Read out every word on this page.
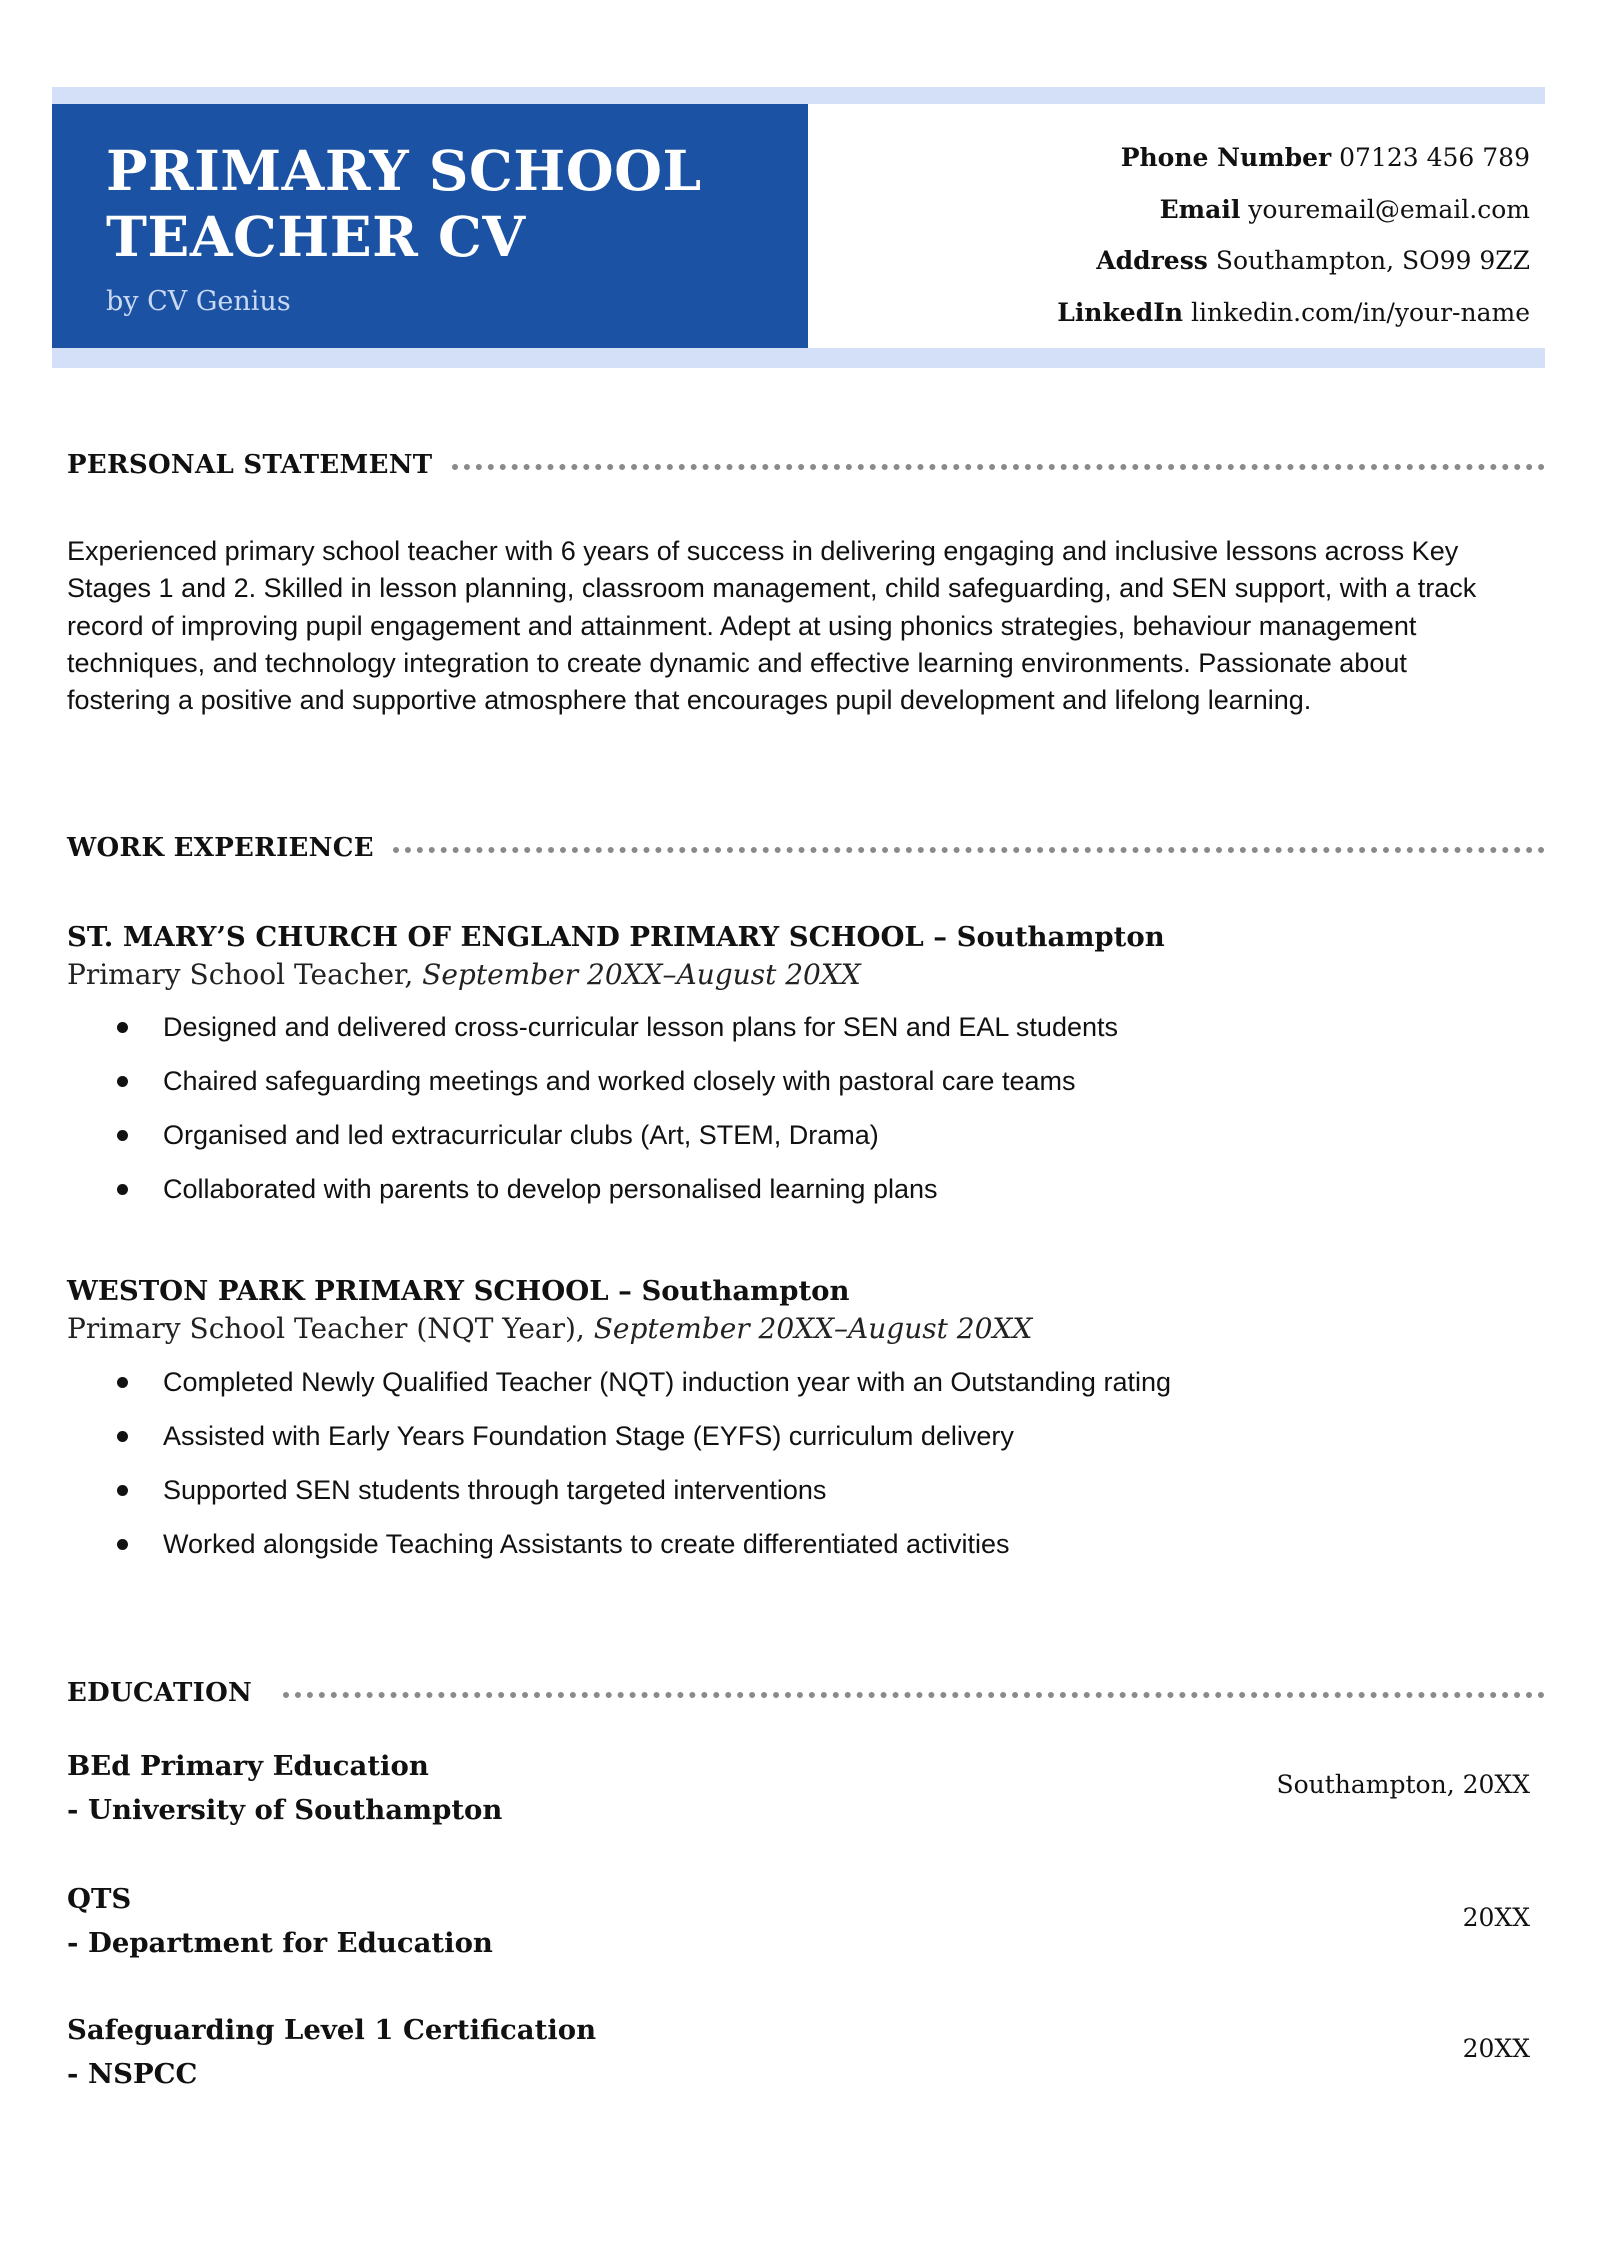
PRIMARY SCHOOL
TEACHER CV
by CV Genius
Phone Number 07123 456 789
Email youremail@email.com
Address Southampton, SO99 9ZZ
LinkedIn linkedin.com/in/your-name
PERSONAL STATEMENT
Experienced primary school teacher with 6 years of success in delivering engaging and inclusive lessons across Key Stages 1 and 2. Skilled in lesson planning, classroom management, child safeguarding, and SEN support, with a track record of improving pupil engagement and attainment. Adept at using phonics strategies, behaviour management techniques, and technology integration to create dynamic and effective learning environments. Passionate about fostering a positive and supportive atmosphere that encourages pupil development and lifelong learning.
WORK EXPERIENCE
ST. MARY’S CHURCH OF ENGLAND PRIMARY SCHOOL – Southampton
Primary School Teacher, September 20XX–August 20XX
Designed and delivered cross-curricular lesson plans for SEN and EAL students
Chaired safeguarding meetings and worked closely with pastoral care teams
Organised and led extracurricular clubs (Art, STEM, Drama)
Collaborated with parents to develop personalised learning plans
WESTON PARK PRIMARY SCHOOL – Southampton
Primary School Teacher (NQT Year), September 20XX–August 20XX
Completed Newly Qualified Teacher (NQT) induction year with an Outstanding rating
Assisted with Early Years Foundation Stage (EYFS) curriculum delivery
Supported SEN students through targeted interventions
Worked alongside Teaching Assistants to create differentiated activities
EDUCATION
BEd Primary Education
- University of Southampton
Southampton, 20XX
QTS
- Department for Education
20XX
Safeguarding Level 1 Certification
- NSPCC
20XX
